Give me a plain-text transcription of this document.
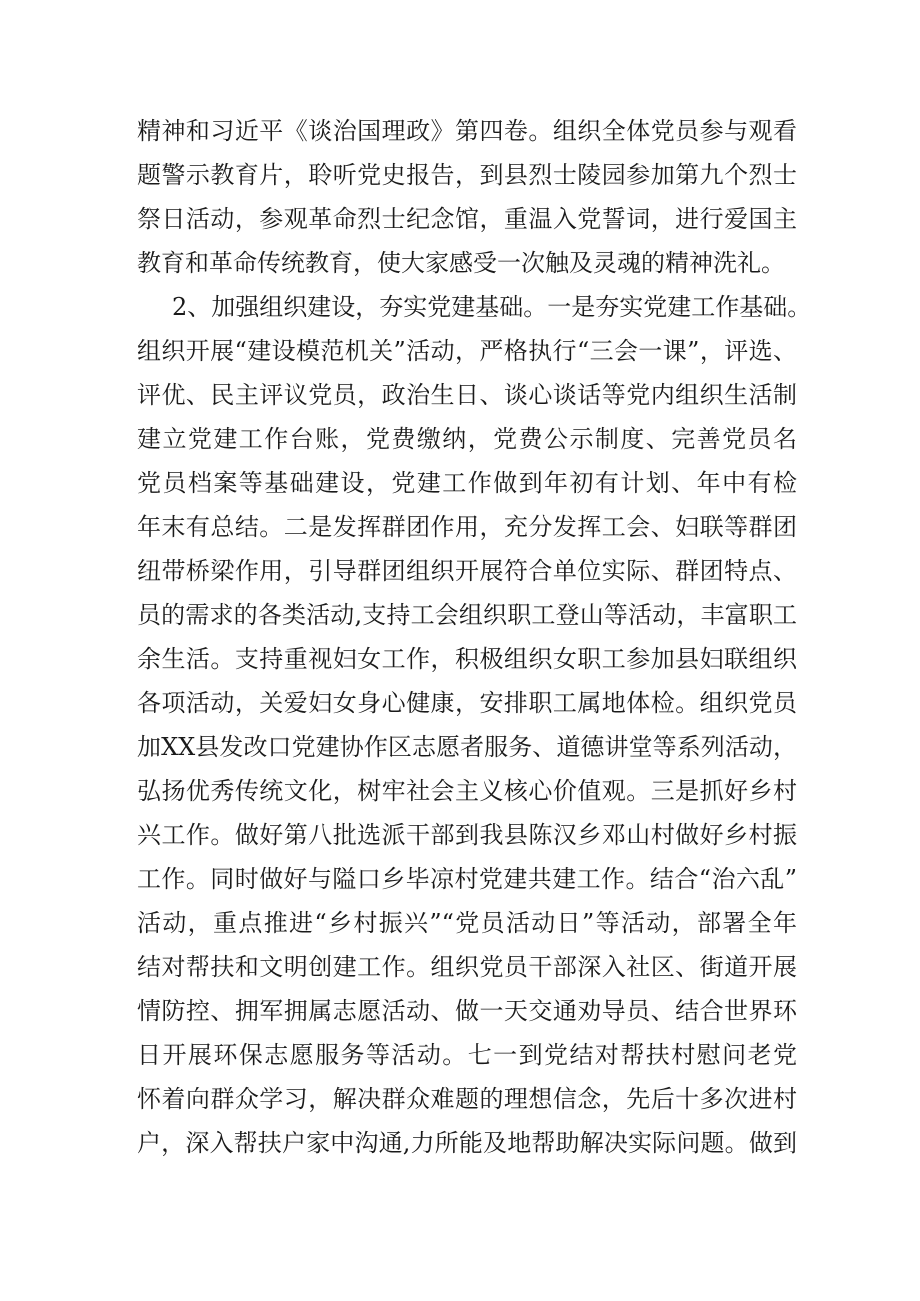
精神和习近平《谈治国理政》第四卷。组织全体党员参与观看
题警示教育片，聆听党史报告，到县烈士陵园参加第九个烈士
祭日活动，参观革命烈士纪念馆，重温入党誓词，进行爱国主
教育和革命传统教育，使大家感受一次触及灵魂的精神洗礼。
2、加强组织建设，夯实党建基础。一是夯实党建工作基础。
组织开展“建设模范机关”活动，严格执行“三会一课”，评选、
评优、民主评议党员，政治生日、谈心谈话等党内组织生活制
建立党建工作台账，党费缴纳，党费公示制度、完善党员名
党员档案等基础建设，党建工作做到年初有计划、年中有检
年末有总结。二是发挥群团作用，充分发挥工会、妇联等群团
纽带桥梁作用，引导群团组织开展符合单位实际、群团特点、
员的需求的各类活动,支持工会组织职工登山等活动，丰富职工
余生活。支持重视妇女工作，积极组织女职工参加县妇联组织
各项活动，关爱妇女身心健康，安排职工属地体检。组织党员
加XX县发改口党建协作区志愿者服务、道德讲堂等系列活动，
弘扬优秀传统文化，树牢社会主义核心价值观。三是抓好乡村
兴工作。做好第八批选派干部到我县陈汉乡邓山村做好乡村振
工作。同时做好与隘口乡毕凉村党建共建工作。结合“治六乱”
活动，重点推进“乡村振兴”“党员活动日”等活动，部署全年
结对帮扶和文明创建工作。组织党员干部深入社区、街道开展
情防控、拥军拥属志愿活动、做一天交通劝导员、结合世界环
日开展环保志愿服务等活动。七一到党结对帮扶村慰问老党
怀着向群众学习，解决群众难题的理想信念，先后十多次进村
户，深入帮扶户家中沟通,力所能及地帮助解决实际问题。做到
